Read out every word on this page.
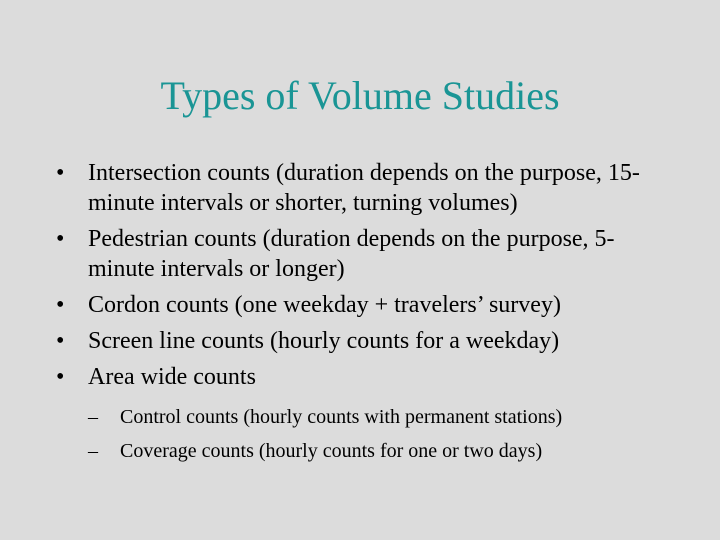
Types of Volume Studies
• Intersection counts (duration depends on the purpose, 15-minute intervals or shorter, turning volumes)
• Pedestrian counts (duration depends on the purpose, 5-minute intervals or longer)
• Cordon counts (one weekday + travelers’ survey)
• Screen line counts (hourly counts for a weekday)
• Area wide counts
– Control counts (hourly counts with permanent stations)
– Coverage counts (hourly counts for one or two days)
